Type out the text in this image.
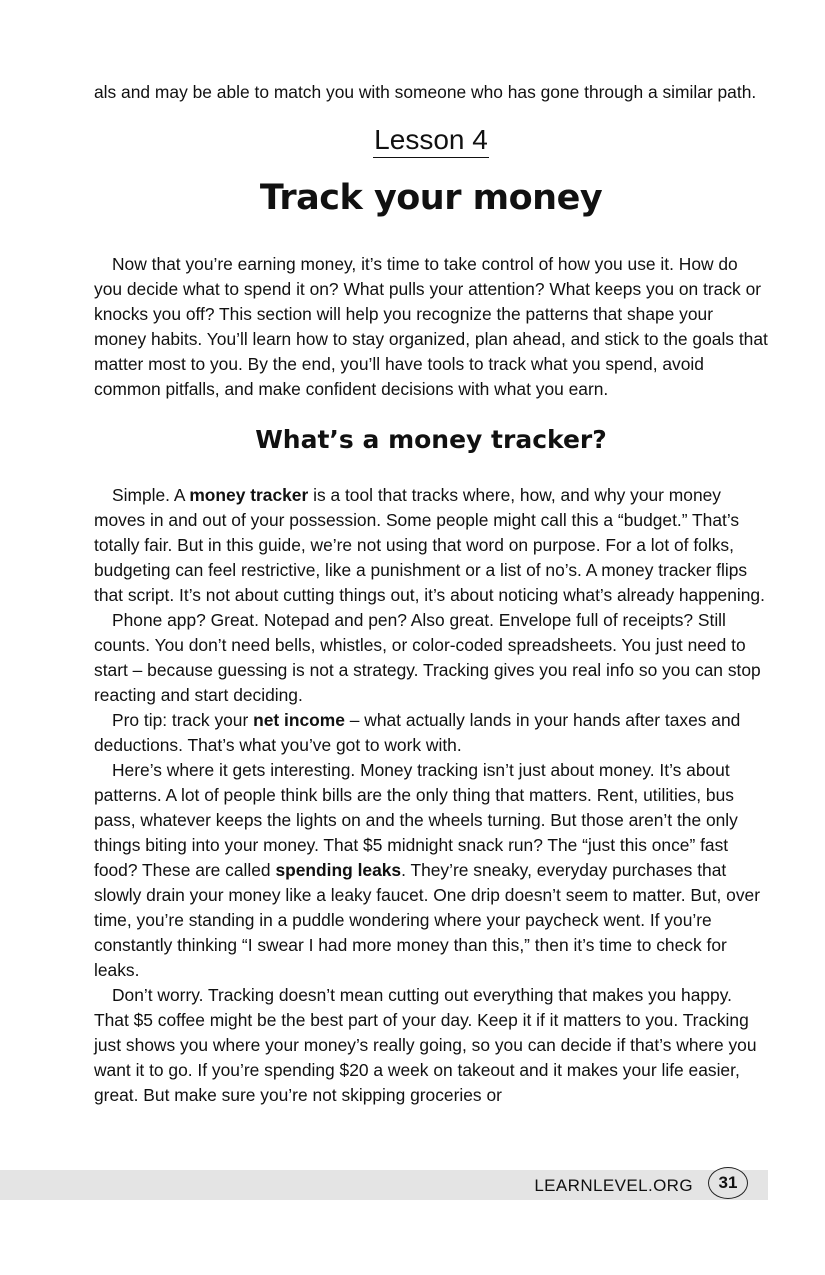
als and may be able to match you with someone who has gone through a similar path.

Lesson 4
Track your money

Now that you’re earning money, it’s time to take control of how you use it. How do you decide what to spend it on? What pulls your attention? What keeps you on track or knocks you off? This section will help you recognize the patterns that shape your money habits. You’ll learn how to stay organized, plan ahead, and stick to the goals that matter most to you. By the end, you’ll have tools to track what you spend, avoid common pitfalls, and make confident decisions with what you earn.

What’s a money tracker?

Simple. A money tracker is a tool that tracks where, how, and why your money moves in and out of your possession. Some people might call this a “budget.” That’s totally fair. But in this guide, we’re not using that word on purpose. For a lot of folks, budgeting can feel restrictive, like a punishment or a list of no’s. A money tracker flips that script. It’s not about cutting things out, it’s about noticing what’s already happening.

Phone app? Great. Notepad and pen? Also great. Envelope full of receipts? Still counts. You don’t need bells, whistles, or color-coded spreadsheets. You just need to start – because guessing is not a strategy. Tracking gives you real info so you can stop reacting and start deciding.

Pro tip: track your net income – what actually lands in your hands after taxes and deductions. That’s what you’ve got to work with.

Here’s where it gets interesting. Money tracking isn’t just about money. It’s about patterns. A lot of people think bills are the only thing that matters. Rent, utilities, bus pass, whatever keeps the lights on and the wheels turning. But those aren’t the only things biting into your money. That $5 midnight snack run? The “just this once” fast food? These are called spending leaks. They’re sneaky, everyday purchases that slowly drain your money like a leaky faucet. One drip doesn’t seem to matter. But, over time, you’re standing in a puddle wondering where your paycheck went. If you’re constantly thinking “I swear I had more money than this,” then it’s time to check for leaks.

Don’t worry. Tracking doesn’t mean cutting out everything that makes you happy. That $5 coffee might be the best part of your day. Keep it if it matters to you. Tracking just shows you where your money’s really going, so you can decide if that’s where you want it to go. If you’re spending $20 a week on takeout and it makes your life easier, great. But make sure you’re not skipping groceries or

LEARNLEVEL.ORG	31
